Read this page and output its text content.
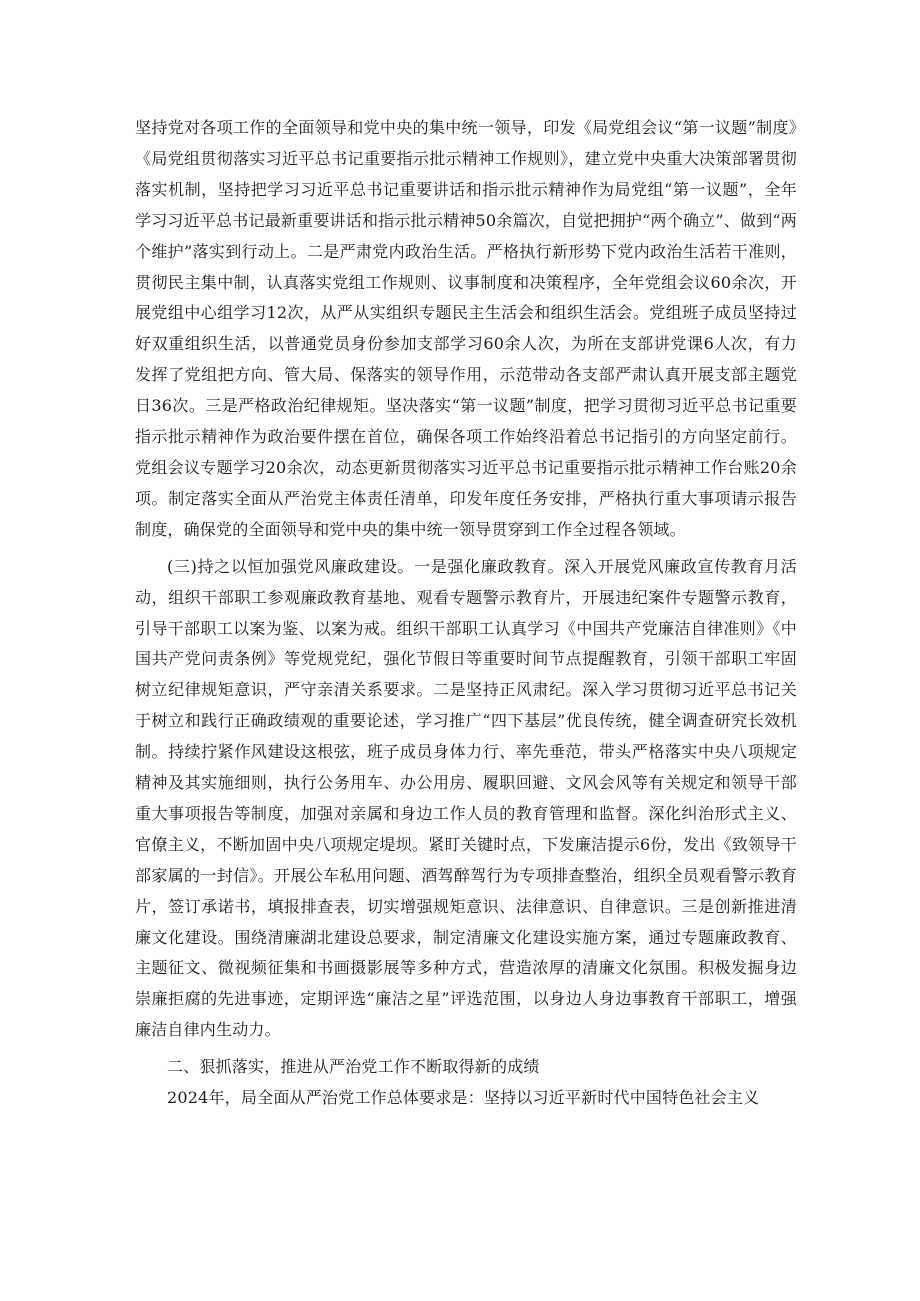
坚持党对各项工作的全面领导和党中央的集中统一领导，印发《局党组会议“第一议题”制度》《局党组贯彻落实习近平总书记重要指示批示精神工作规则》，建立党中央重大决策部署贯彻落实机制，坚持把学习习近平总书记重要讲话和指示批示精神作为局党组“第一议题”，全年学习习近平总书记最新重要讲话和指示批示精神50余篇次，自觉把拥护“两个确立”、做到“两个维护”落实到行动上。二是严肃党内政治生活。严格执行新形势下党内政治生活若干准则，贯彻民主集中制，认真落实党组工作规则、议事制度和决策程序，全年党组会议60余次，开展党组中心组学习12次，从严从实组织专题民主生活会和组织生活会。党组班子成员坚持过好双重组织生活，以普通党员身份参加支部学习60余人次，为所在支部讲党课6人次，有力发挥了党组把方向、管大局、保落实的领导作用，示范带动各支部严肃认真开展支部主题党日36次。三是严格政治纪律规矩。坚决落实“第一议题”制度，把学习贯彻习近平总书记重要指示批示精神作为政治要件摆在首位，确保各项工作始终沿着总书记指引的方向坚定前行。党组会议专题学习20余次，动态更新贯彻落实习近平总书记重要指示批示精神工作台账20余项。制定落实全面从严治党主体责任清单，印发年度任务安排，严格执行重大事项请示报告制度，确保党的全面领导和党中央的集中统一领导贯穿到工作全过程各领域。

(三)持之以恒加强党风廉政建设。一是强化廉政教育。深入开展党风廉政宣传教育月活动，组织干部职工参观廉政教育基地、观看专题警示教育片，开展违纪案件专题警示教育，引导干部职工以案为鉴、以案为戒。组织干部职工认真学习《中国共产党廉洁自律准则》《中国共产党问责条例》等党规党纪，强化节假日等重要时间节点提醒教育，引领干部职工牢固树立纪律规矩意识，严守亲清关系要求。二是坚持正风肃纪。深入学习贯彻习近平总书记关于树立和践行正确政绩观的重要论述，学习推广“四下基层”优良传统，健全调查研究长效机制。持续拧紧作风建设这根弦，班子成员身体力行、率先垂范，带头严格落实中央八项规定精神及其实施细则，执行公务用车、办公用房、履职回避、文风会风等有关规定和领导干部重大事项报告等制度，加强对亲属和身边工作人员的教育管理和监督。深化纠治形式主义、官僚主义，不断加固中央八项规定堤坝。紧盯关键时点，下发廉洁提示6份，发出《致领导干部家属的一封信》。开展公车私用问题、酒驾醉驾行为专项排查整治，组织全员观看警示教育片，签订承诺书，填报排查表，切实增强规矩意识、法律意识、自律意识。三是创新推进清廉文化建设。围绕清廉湖北建设总要求，制定清廉文化建设实施方案，通过专题廉政教育、主题征文、微视频征集和书画摄影展等多种方式，营造浓厚的清廉文化氛围。积极发掘身边崇廉拒腐的先进事迹，定期评选“廉洁之星”评选范围，以身边人身边事教育干部职工，增强廉洁自律内生动力。

二、狠抓落实，推进从严治党工作不断取得新的成绩

2024年，局全面从严治党工作总体要求是：坚持以习近平新时代中国特色社会主义
